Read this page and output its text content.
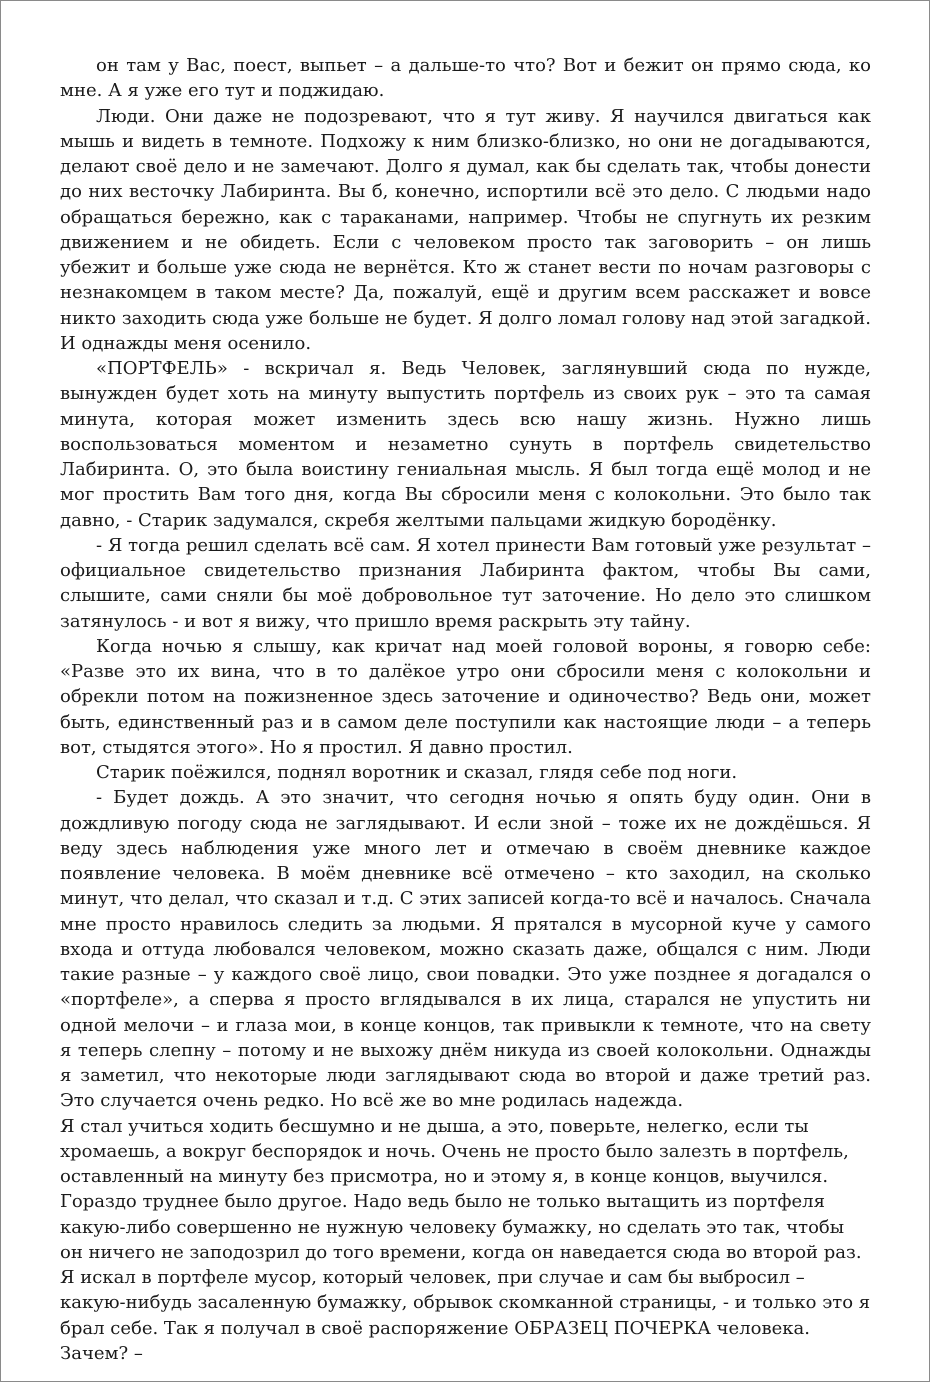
он там у Вас, поест, выпьет – а дальше-то что? Вот и бежит он прямо сюда, ко мне. А я уже его тут и поджидаю.

Люди. Они даже не подозревают, что я тут живу. Я научился двигаться как мышь и видеть в темноте. Подхожу к ним близко-близко, но они не догадываются, делают своё дело и не замечают. Долго я думал, как бы сделать так, чтобы донести до них весточку Лабиринта. Вы б, конечно, испортили всё это дело. С людьми надо обращаться бережно, как с тараканами, например. Чтобы не спугнуть их резким движением и не обидеть. Если с человеком просто так заговорить – он лишь убежит и больше уже сюда не вернётся. Кто ж станет вести по ночам разговоры с незнакомцем в таком месте? Да, пожалуй, ещё и другим всем расскажет и вовсе никто заходить сюда уже больше не будет. Я долго ломал голову над этой загадкой. И однажды меня осенило.

«ПОРТФЕЛЬ» - вскричал я. Ведь Человек, заглянувший сюда по нужде, вынужден будет хоть на минуту выпустить портфель из своих рук – это та самая минута, которая может изменить здесь всю нашу жизнь. Нужно лишь воспользоваться моментом и незаметно сунуть в портфель свидетельство Лабиринта. О, это была воистину гениальная мысль. Я был тогда ещё молод и не мог простить Вам того дня, когда Вы сбросили меня с колокольни. Это было так давно, - Старик задумался, скребя желтыми пальцами жидкую бородёнку.

- Я тогда решил сделать всё сам. Я хотел принести Вам готовый уже результат – официальное свидетельство признания Лабиринта фактом, чтобы Вы сами, слышите, сами сняли бы моё добровольное тут заточение. Но дело это слишком затянулось - и вот я вижу, что пришло время раскрыть эту тайну.

Когда ночью я слышу, как кричат над моей головой вороны, я говорю себе: «Разве это их вина, что в то далёкое утро они сбросили меня с колокольни и обрекли потом на пожизненное здесь заточение и одиночество? Ведь они, может быть, единственный раз и в самом деле поступили как настоящие люди – а теперь вот, стыдятся этого». Но я простил. Я давно простил.

Старик поёжился, поднял воротник и сказал, глядя себе под ноги.

- Будет дождь. А это значит, что сегодня ночью я опять буду один. Они в дождливую погоду сюда не заглядывают. И если зной – тоже их не дождёшься. Я веду здесь наблюдения уже много лет и отмечаю в своём дневнике каждое появление человека. В моём дневнике всё отмечено – кто заходил, на сколько минут, что делал, что сказал и т.д. С этих записей когда-то всё и началось. Сначала мне просто нравилось следить за людьми. Я прятался в мусорной куче у самого входа и оттуда любовался человеком, можно сказать даже, общался с ним. Люди такие разные – у каждого своё лицо, свои повадки. Это уже позднее я догадался о «портфеле», а сперва я просто вглядывался в их лица, старался не упустить ни одной мелочи – и глаза мои, в конце концов, так привыкли к темноте, что на свету я теперь слепну – потому и не выхожу днём никуда из своей колокольни. Однажды я заметил, что некоторые люди заглядывают сюда во второй и даже третий раз. Это случается очень редко. Но всё же во мне родилась надежда.

Я стал учиться ходить бесшумно и не дыша, а это, поверьте, нелегко, если ты хромаешь, а вокруг беспорядок и ночь. Очень не просто было залезть в портфель, оставленный на минуту без присмотра, но и этому я, в конце концов, выучился. Гораздо труднее было другое. Надо ведь было не только вытащить из портфеля какую-либо совершенно не нужную человеку бумажку, но сделать это так, чтобы он ничего не заподозрил до того времени, когда он наведается сюда во второй раз. Я искал в портфеле мусор, который человек, при случае и сам бы выбросил – какую-нибудь засаленную бумажку, обрывок скомканной страницы, - и только это я брал себе. Так я получал в своё распоряжение ОБРАЗЕЦ ПОЧЕРКА человека. Зачем? –
